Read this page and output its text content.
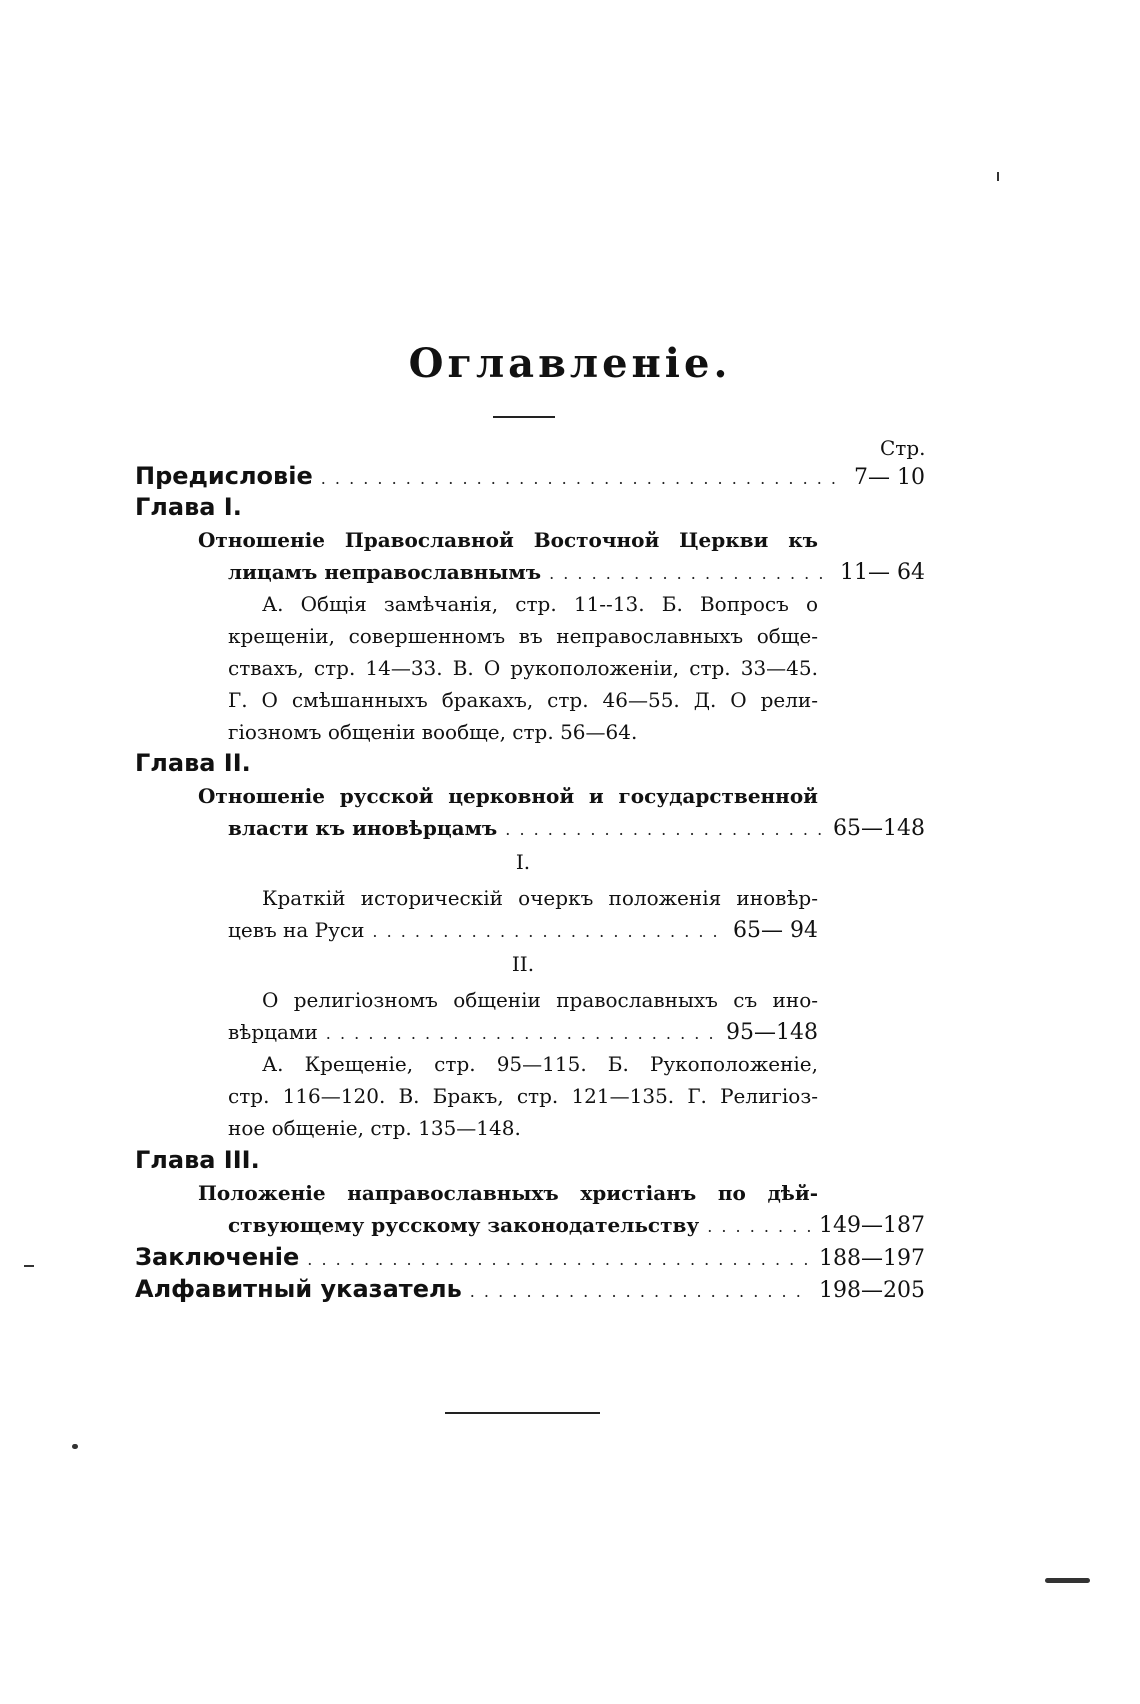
Оглавленіе.
Стр.
Предисловіе . . .	7— 10
Глава I.
Отношеніе Православной Восточной Церкви къ
лицамъ неправославнымъ . . .	11— 64
А. Общія замѣчанія, стр. 11--13. Б. Вопросъ о
крещеніи, совершенномъ въ неправославныхъ обще-
ствахъ, стр. 14—33. В. О рукоположеніи, стр. 33—45.
Г. О смѣшанныхъ бракахъ, стр. 46—55. Д. О рели-
гіозномъ общеніи вообще, стр. 56—64.
Глава II.
Отношеніе русской церковной и государственной
власти къ иновѣрцамъ . . .	65—148
I.
Краткій историческій очеркъ положенія иновѣр-
цевъ на Руси . . .	65— 94
II.
О религіозномъ общеніи православныхъ съ ино-
вѣрцами . . .	95—148
А. Крещеніе, стр. 95—115. Б. Рукоположеніе,
стр. 116—120. В. Бракъ, стр. 121—135. Г. Религіоз-
ное общеніе, стр. 135—148.
Глава III.
Положеніе направославныхъ христіанъ по дѣй-
ствующему русскому законодательству . . .	149—187
Заключеніе . . .	188—197
Алфавитный указатель . . .	198—205
